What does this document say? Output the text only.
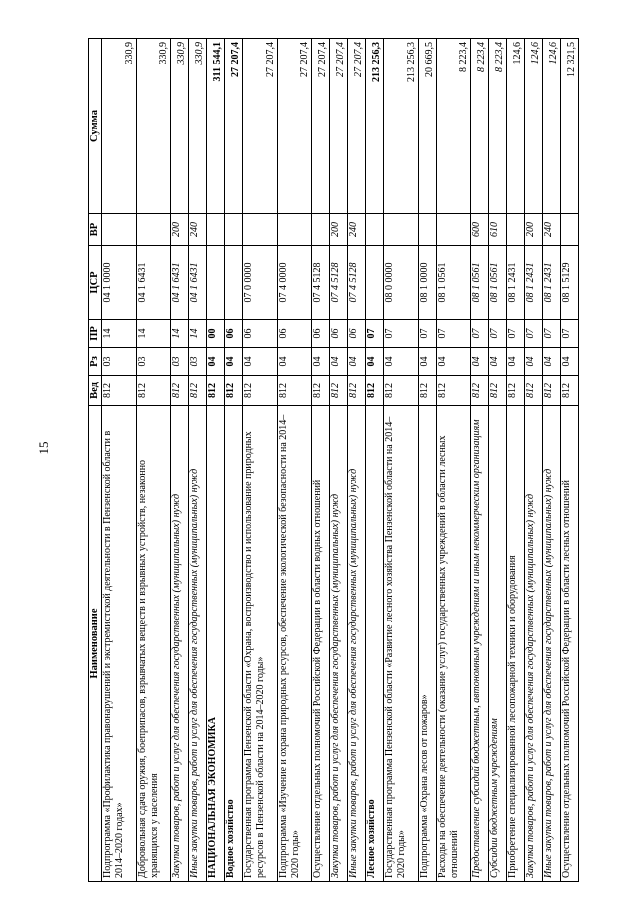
15
Наименование	Вед	Рз	ПР	ЦСР	ВР	Сумма
Подпрограмма «Профилактика правонарушений и экстремистской деятельности в Пензенской области в 2014–2020 годах»	812	03	14	04 1 0000		330,9
Добровольная сдача оружия, боеприпасов, взрывчатых веществ и взрывных устройств, незаконно хранящихся у населения	812	03	14	04 1 6431		330,9
Закупка товаров, работ и услуг для обеспечения государственных (муниципальных) нужд	812	03	14	04 1 6431	200	330,9
Иные закупки товаров, работ и услуг для обеспечения государственных (муниципальных) нужд	812	03	14	04 1 6431	240	330,9
НАЦИОНАЛЬНАЯ ЭКОНОМИКА	812	04	00			311 544,1
Водное хозяйство	812	04	06			27 207,4
Государственная программа Пензенской области «Охрана, воспроизводство и использование природных ресурсов в Пензенской области на 2014–2020 годы»	812	04	06	07 0 0000		27 207,4
Подпрограмма «Изучение и охрана природных ресурсов, обеспечение экологической безопасности на 2014–2020 годы»	812	04	06	07 4 0000		27 207,4
Осуществление отдельных полномочий Российской Федерации в области водных отношений	812	04	06	07 4 5128		27 207,4
Закупка товаров, работ и услуг для обеспечения государственных (муниципальных) нужд	812	04	06	07 4 5128	200	27 207,4
Иные закупки товаров, работ и услуг для обеспечения государственных (муниципальных) нужд	812	04	06	07 4 5128	240	27 207,4
Лесное хозяйство	812	04	07			213 256,3
Государственная программа Пензенской области «Развитие лесного хозяйства Пензенской области на 2014–2020 годы»	812	04	07	08 0 0000		213 256,3
Подпрограмма «Охрана лесов от пожаров»	812	04	07	08 1 0000		20 669,5
Расходы на обеспечение деятельности (оказание услуг) государственных учреждений в области лесных отношений	812	04	07	08 1 0561		8 223,4
Предоставление субсидий бюджетным, автономным учреждениям и иным некоммерческим организациям	812	04	07	08 1 0561	600	8 223,4
Субсидии бюджетным учреждениям	812	04	07	08 1 0561	610	8 223,4
Приобретение специализированной лесопожарной техники и оборудования	812	04	07	08 1 2431		124,6
Закупка товаров, работ и услуг для обеспечения государственных (муниципальных) нужд	812	04	07	08 1 2431	200	124,6
Иные закупки товаров, работ и услуг для обеспечения государственных (муниципальных) нужд	812	04	07	08 1 2431	240	124,6
Осуществление отдельных полномочий Российской Федерации в области лесных отношений	812	04	07	08 1 5129		12 321,5
